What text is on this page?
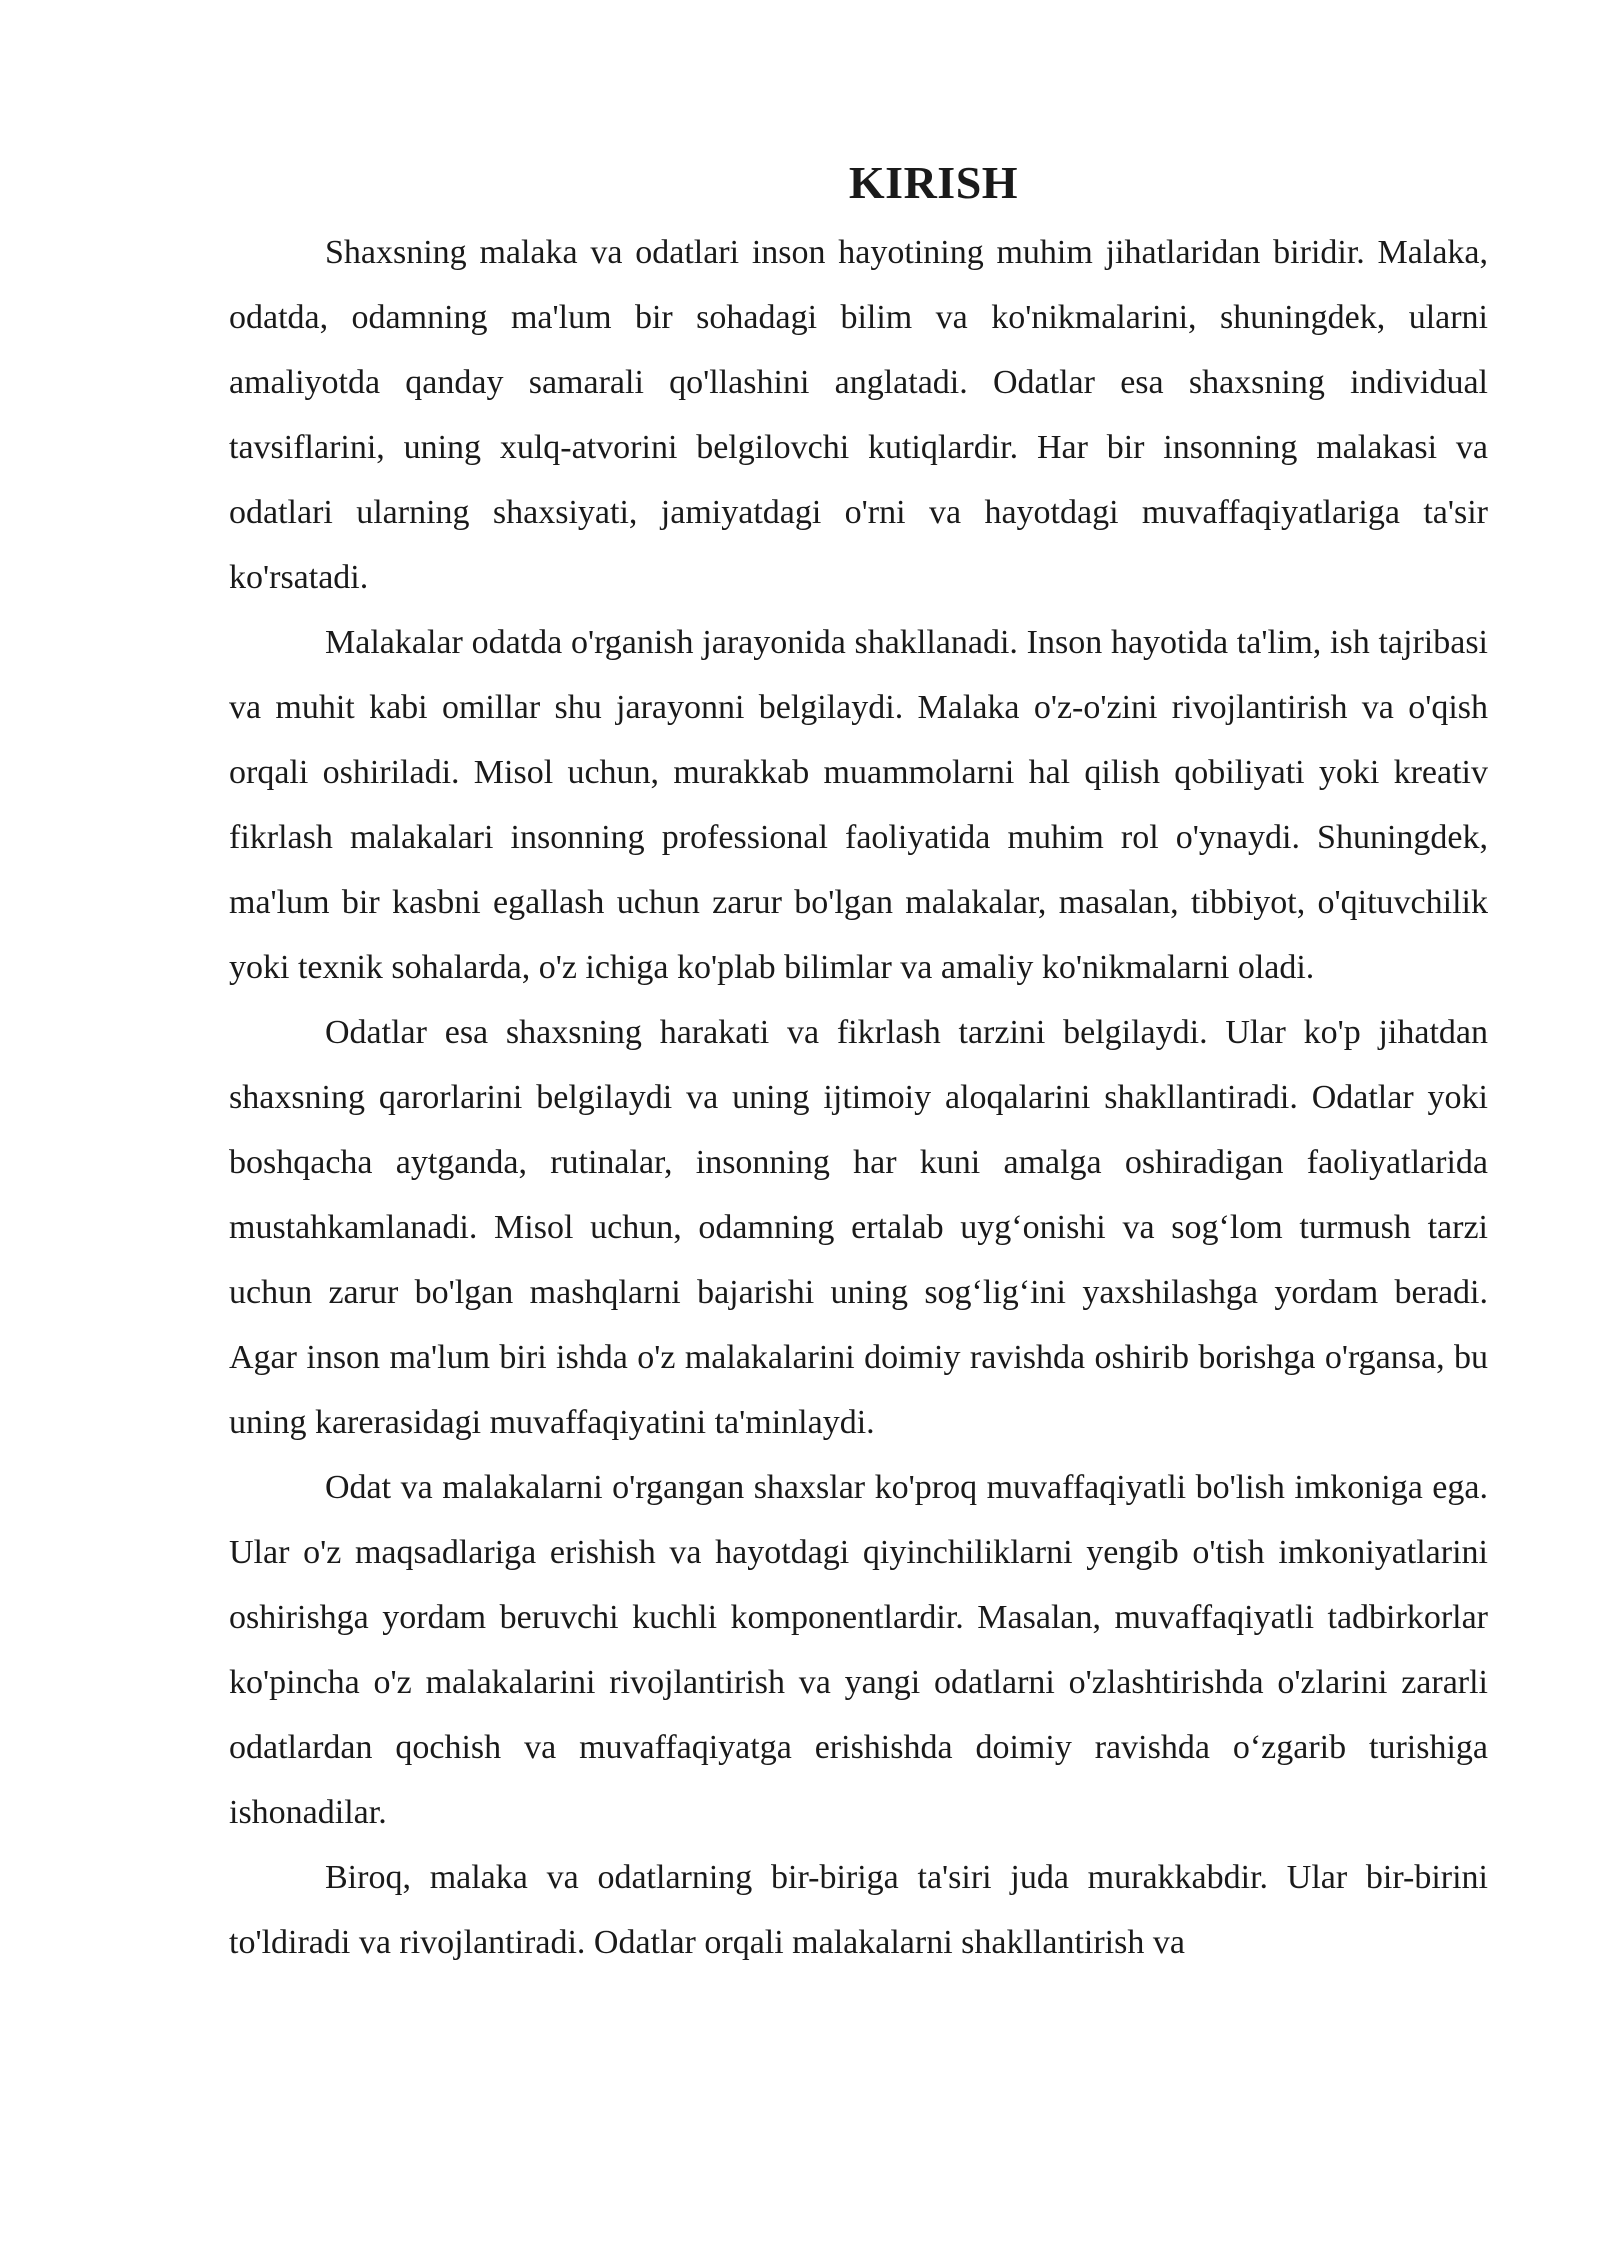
KIRISH

Shaxsning malaka va odatlari inson hayotining muhim jihatlaridan biridir. Malaka, odatda, odamning ma'lum bir sohadagi bilim va ko'nikmalarini, shuningdek, ularni amaliyotda qanday samarali qo'llashini anglatadi. Odatlar esa shaxsning individual tavsiflarini, uning xulq-atvorini belgilovchi kutiqlardir. Har bir insonning malakasi va odatlari ularning shaxsiyati, jamiyatdagi o'rni va hayotdagi muvaffaqiyatlariga ta'sir ko'rsatadi.

Malakalar odatda o'rganish jarayonida shakllanadi. Inson hayotida ta'lim, ish tajribasi va muhit kabi omillar shu jarayonni belgilaydi. Malaka o'z-o'zini rivojlantirish va o'qish orqali oshiriladi. Misol uchun, murakkab muammolarni hal qilish qobiliyati yoki kreativ fikrlash malakalari insonning professional faoliyatida muhim rol o'ynaydi. Shuningdek, ma'lum bir kasbni egallash uchun zarur bo'lgan malakalar, masalan, tibbiyot, o'qituvchilik yoki texnik sohalarda, o'z ichiga ko'plab bilimlar va amaliy ko'nikmalarni oladi.

Odatlar esa shaxsning harakati va fikrlash tarzini belgilaydi. Ular ko'p jihatdan shaxsning qarorlarini belgilaydi va uning ijtimoiy aloqalarini shakllantiradi. Odatlar yoki boshqacha aytganda, rutinalar, insonning har kuni amalga oshiradigan faoliyatlarida mustahkamlanadi. Misol uchun, odamning ertalab uyg‘onishi va sog‘lom turmush tarzi uchun zarur bo'lgan mashqlarni bajarishi uning sog‘lig‘ini yaxshilashga yordam beradi. Agar inson ma'lum biri ishda o'z malakalarini doimiy ravishda oshirib borishga o'rgansa, bu uning karerasidagi muvaffaqiyatini ta'minlaydi.

Odat va malakalarni o'rgangan shaxslar ko'proq muvaffaqiyatli bo'lish imkoniga ega. Ular o'z maqsadlariga erishish va hayotdagi qiyinchiliklarni yengib o'tish imkoniyatlarini oshirishga yordam beruvchi kuchli komponentlardir. Masalan, muvaffaqiyatli tadbirkorlar ko'pincha o'z malakalarini rivojlantirish va yangi odatlarni o'zlashtirishda o'zlarini zararli odatlardan qochish va muvaffaqiyatga erishishda doimiy ravishda o‘zgarib turishiga ishonadilar.

Biroq, malaka va odatlarning bir-biriga ta'siri juda murakkabdir. Ular bir-birini to'ldiradi va rivojlantiradi. Odatlar orqali malakalarni shakllantirish va
